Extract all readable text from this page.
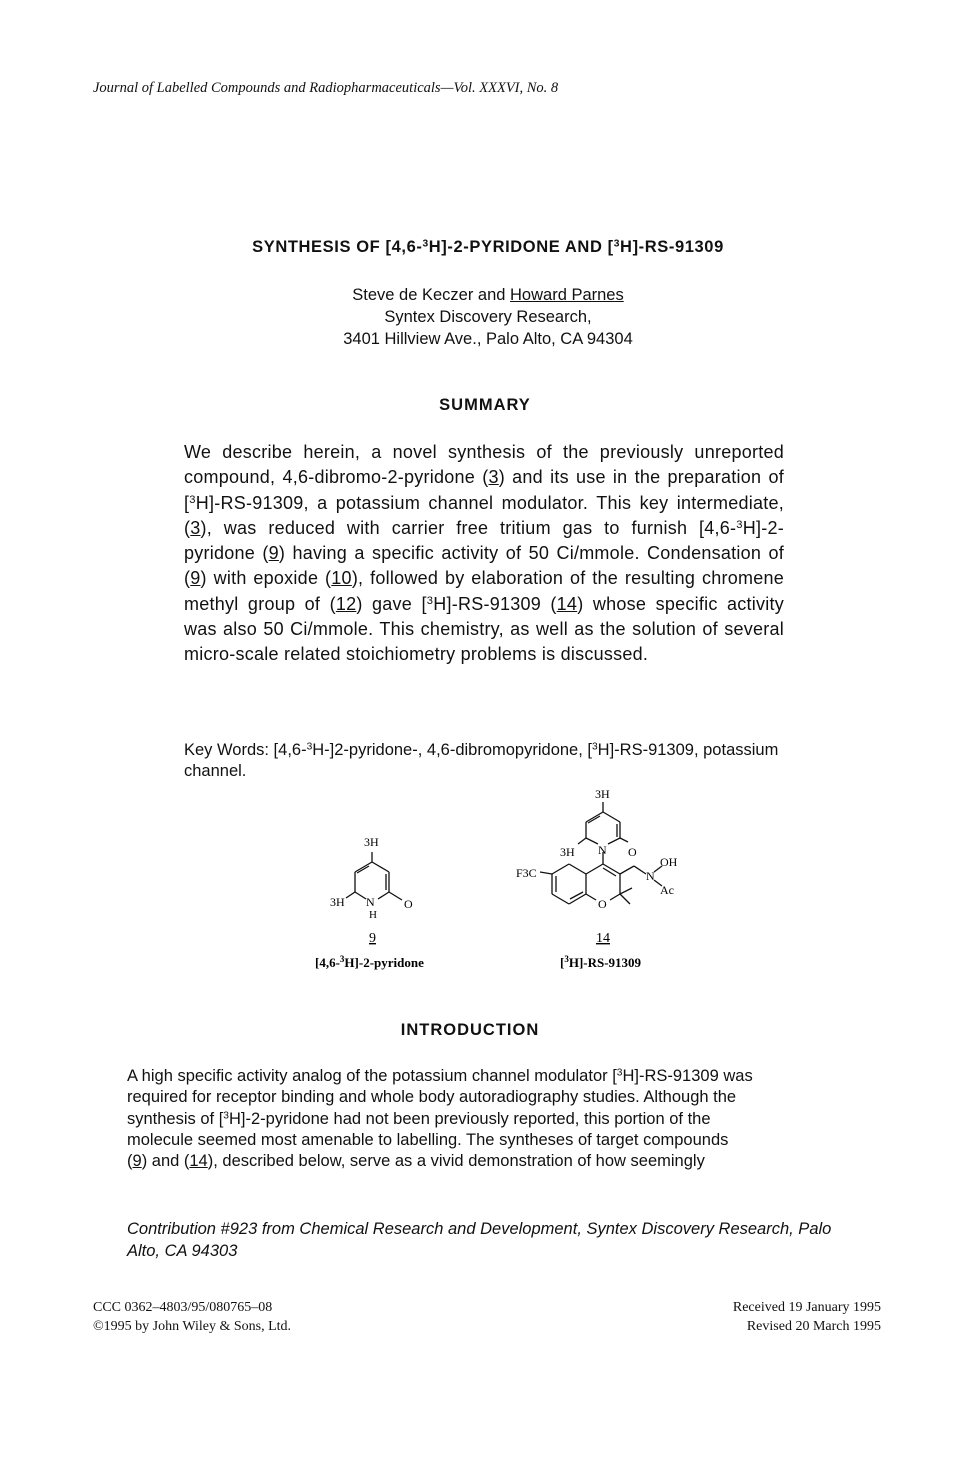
Journal of Labelled Compounds and Radiopharmaceuticals—Vol. XXXVI, No. 8
SYNTHESIS OF [4,6-$^3$H]-2-PYRIDONE AND [$^3$H]-RS-91309
Steve de Keczer and Howard Parnes
Syntex Discovery Research,
3401 Hillview Ave., Palo Alto, CA 94304
SUMMARY
We describe herein, a novel synthesis of the previously unreported compound, 4,6-dibromo-2-pyridone (3) and its use in the preparation of [$^3$H]-RS-91309, a potassium channel modulator. This key intermediate, (3), was reduced with carrier free tritium gas to furnish [4,6-$^3$H]-2-pyridone (9) having a specific activity of 50 Ci/mmole. Condensation of (9) with epoxide (10), followed by elaboration of the resulting chromene methyl group of (12) gave [$^3$H]-RS-91309 (14) whose specific activity was also 50 Ci/mmole. This chemistry, as well as the solution of several micro-scale related stoichiometry problems is discussed.
Key Words: [4,6-$^3$H-]2-pyridone-, 4,6-dibromopyridone, [$^3$H]-RS-91309, potassium channel.
3H
3H N
H
O
9
[4,6-$^3$H]-2-pyridone
3H
3H N O
F3C
O
N
OH
Ac
14
[$^3$H]-RS-91309
INTRODUCTION
A high specific activity analog of the potassium channel modulator [$^3$H]-RS-91309 was
required for receptor binding and whole body autoradiography studies. Although the
synthesis of [$^3$H]-2-pyridone had not been previously reported, this portion of the
molecule seemed most amenable to labelling. The syntheses of target compounds
(9) and (14), described below, serve as a vivid demonstration of how seemingly
Contribution #923 from Chemical Research and Development, Syntex Discovery Research, Palo Alto, CA 94303
CCC 0362–4803/95/080765–08
©1995 by John Wiley & Sons, Ltd.
Received 19 January 1995
Revised 20 March 1995
